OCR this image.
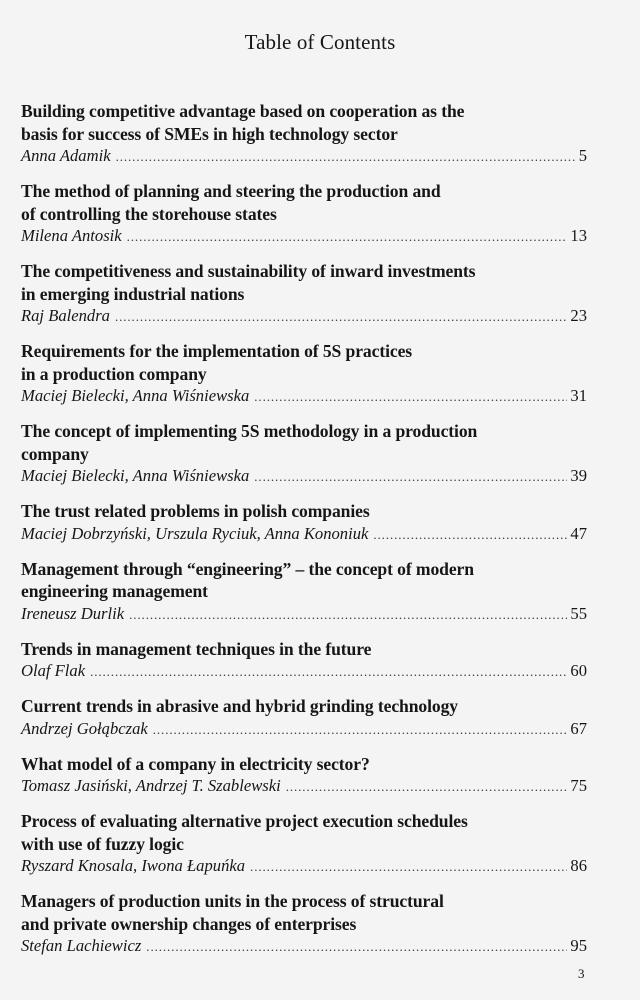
Table of Contents
Building competitive advantage based on cooperation as the
basis for success of SMEs in high technology sector
Anna Adamik .....	5
The method of planning and steering the production and
of controlling the storehouse states
Milena Antosik .....	13
The competitiveness and sustainability of inward investments
in emerging industrial nations
Raj Balendra .....	23
Requirements for the implementation of 5S practices
in a production company
Maciej Bielecki, Anna Wiśniewska .....	31
The concept of implementing 5S methodology in a production
company
Maciej Bielecki, Anna Wiśniewska .....	39
The trust related problems in polish companies
Maciej Dobrzyński, Urszula Ryciuk, Anna Kononiuk .....	47
Management through “engineering” – the concept of modern
engineering management
Ireneusz Durlik .....	55
Trends in management techniques in the future
Olaf Flak .....	60
Current trends in abrasive and hybrid grinding technology
Andrzej Gołąbczak .....	67
What model of a company in electricity sector?
Tomasz Jasiński, Andrzej T. Szablewski .....	75
Process of evaluating alternative project execution schedules
with use of fuzzy logic
Ryszard Knosala, Iwona Łapuńka .....	86
Managers of production units in the process of structural
and private ownership changes of enterprises
Stefan Lachiewicz .....	95
3
